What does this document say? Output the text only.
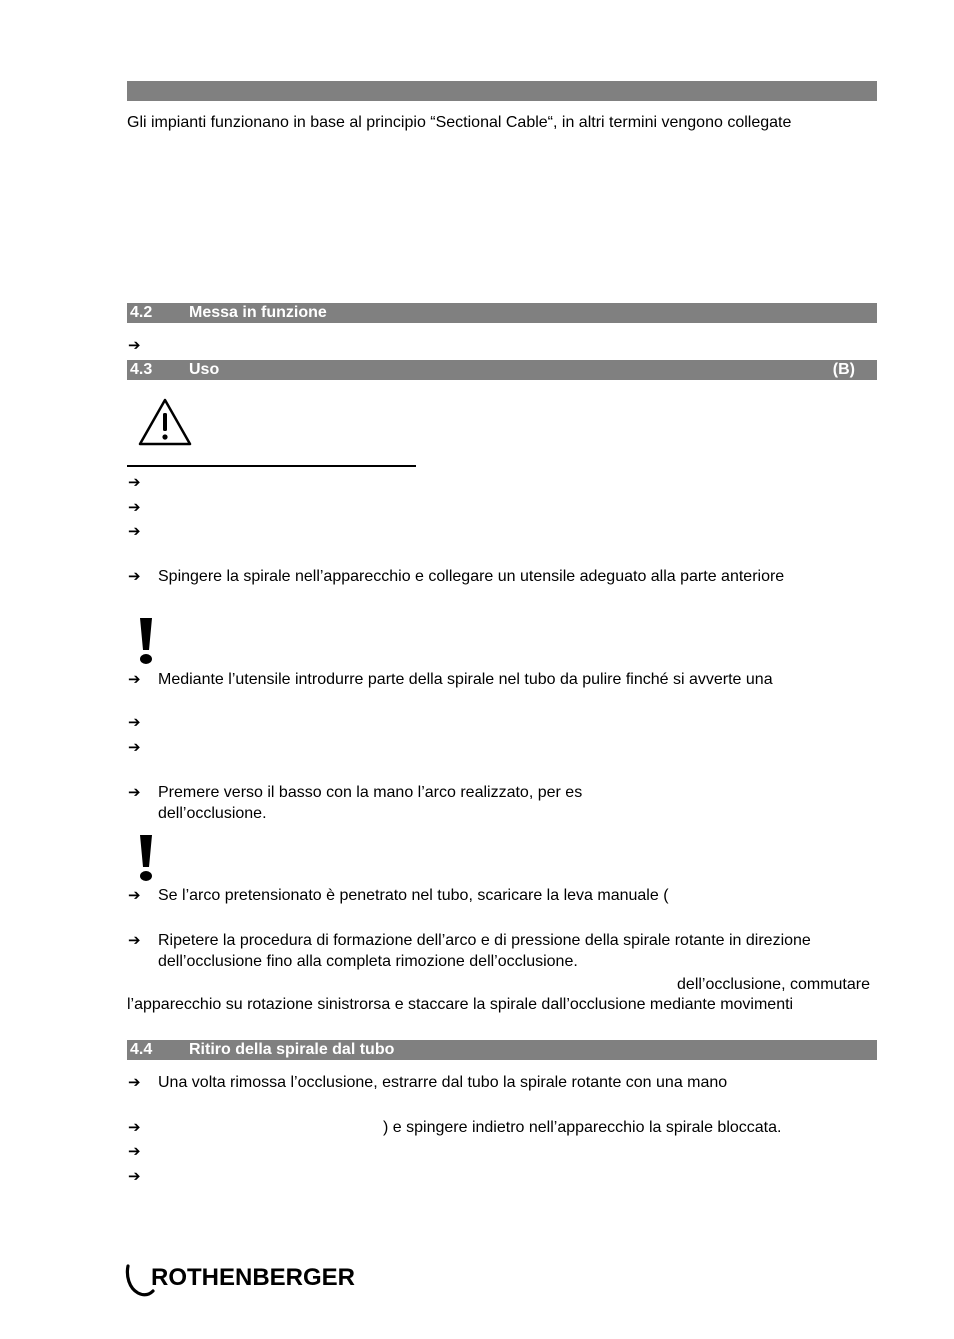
Gli impianti funzionano in base al principio “Sectional Cable“, in altri termini vengono collegate
4.2 Messa in funzione
➔
4.3 Uso	(B)
➔
➔
➔
➔ Spingere la spirale nell’apparecchio e collegare un utensile adeguato alla parte anteriore
➔ Mediante l’utensile introdurre parte della spirale nel tubo da pulire finché si avverte una
➔
➔
➔ Premere verso il basso con la mano l’arco realizzato, per es
dell’occlusione.
➔ Se l’arco pretensionato è penetrato nel tubo, scaricare la leva manuale (
➔ Ripetere la procedura di formazione dell’arco e di pressione della spirale rotante in direzione
dell’occlusione fino alla completa rimozione dell’occlusione.
dell’occlusione, commutare
l’apparecchio su rotazione sinistrorsa e staccare la spirale dall’occlusione mediante movimenti
4.4 Ritiro della spirale dal tubo
➔ Una volta rimossa l’occlusione, estrarre dal tubo la spirale rotante con una mano
➔	) e spingere indietro nell’apparecchio la spirale bloccata.
➔
➔
ROTHENBERGER
